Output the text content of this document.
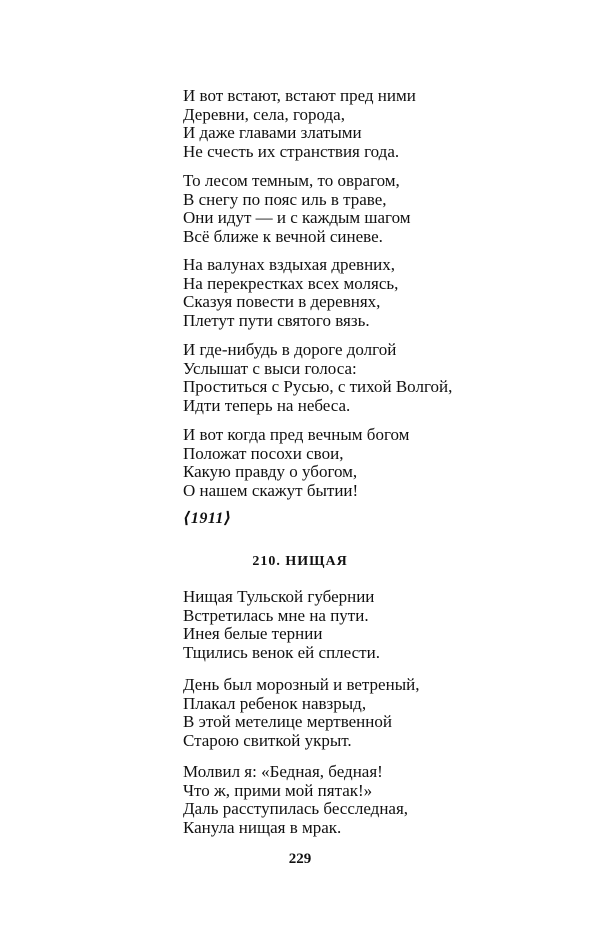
И вот встают, встают пред ними
Деревни, села, города,
И даже главами златыми
Не счесть их странствия года.
То лесом темным, то оврагом,
В снегу по пояс иль в траве,
Они идут — и с каждым шагом
Всё ближе к вечной синеве.
На валунах вздыхая древних,
На перекрестках всех молясь,
Сказуя повести в деревнях,
Плетут пути святого вязь.
И где-нибудь в дороге долгой
Услышат с выси голоса:
Проститься с Русью, с тихой Волгой,
Идти теперь на небеса.
И вот когда пред вечным богом
Положат посохи свои,
Какую правду о убогом,
О нашем скажут бытии!
⟨1911⟩
210. НИЩАЯ
Нищая Тульской губернии
Встретилась мне на пути.
Инея белые тернии
Тщились венок ей сплести.
День был морозный и ветреный,
Плакал ребенок навзрыд,
В этой метелице мертвенной
Старою свиткой укрыт.
Молвил я: «Бедная, бедная!
Что ж, прими мой пятак!»
Даль расступилась бесследная,
Канула нищая в мрак.
229
